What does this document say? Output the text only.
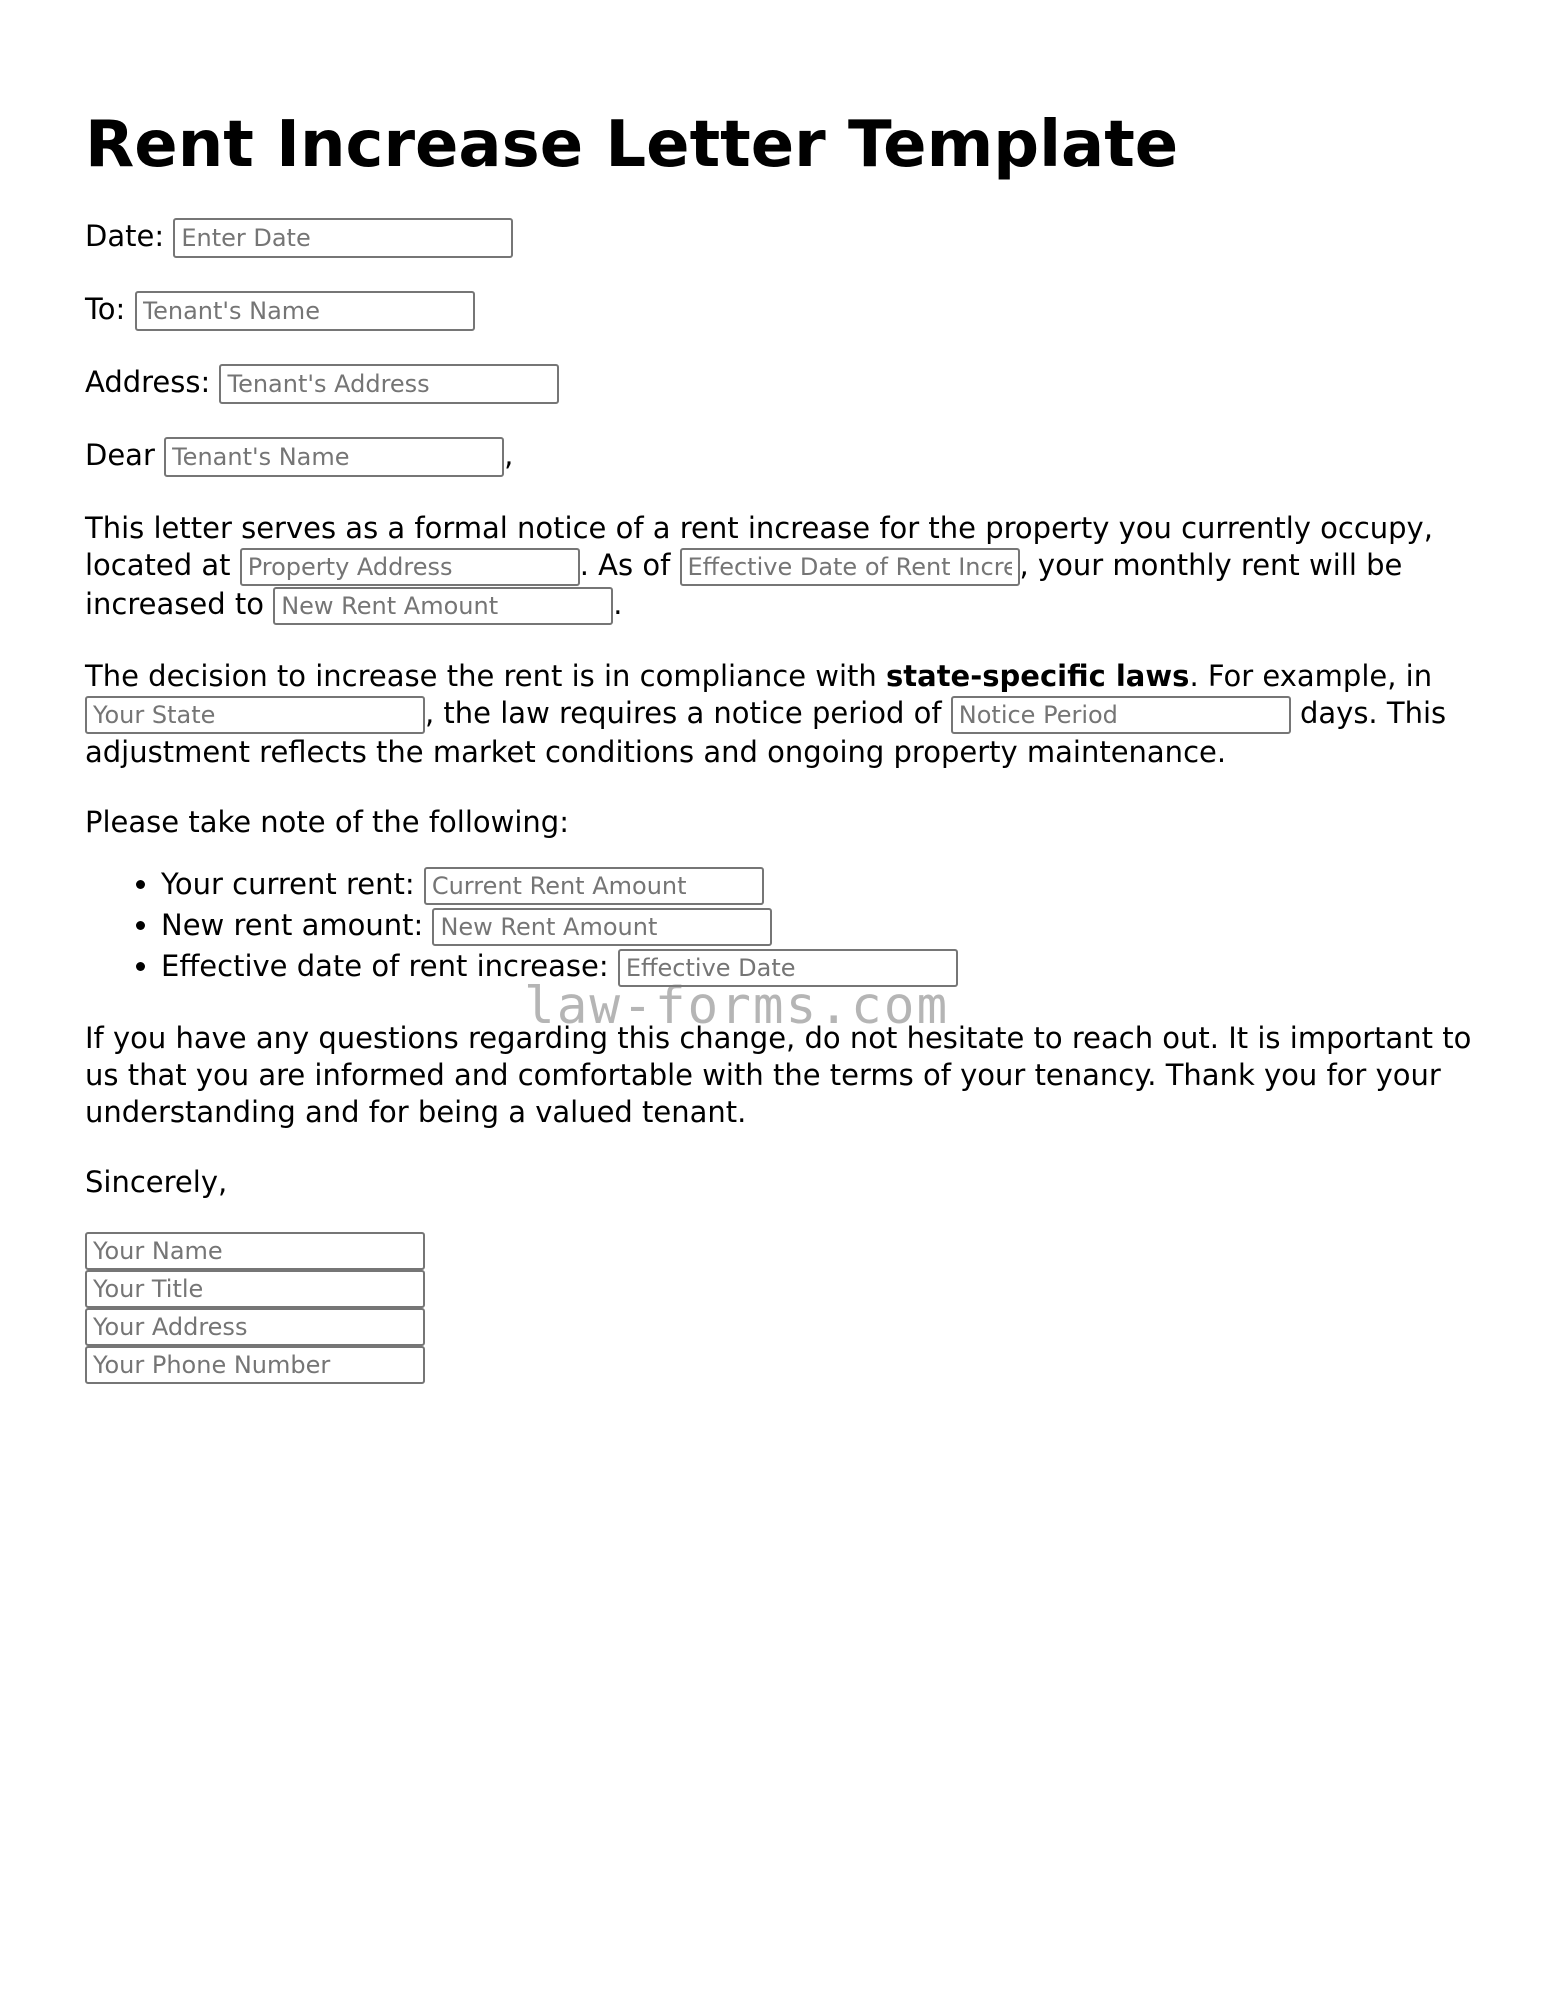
Rent Increase Letter Template

Date: Enter Date

To: Tenant's Name

Address: Tenant's Address

Dear Tenant's Name	,

This letter serves as a formal notice of a rent increase for the property you currently occupy, located at Property Address	. As of Effective Date of Rent Increase	, your monthly rent will be increased to New Rent Amount	.

The decision to increase the rent is in compliance with state-specific laws. For example, in Your State, the law requires a notice period of Notice Period	days. This adjustment reflects the market conditions and ongoing property maintenance.

Please take note of the following:

• Your current rent: Current Rent Amount
• New rent amount: New Rent Amount
• Effective date of rent increase: Effective Date

If you have any questions regarding this change, do not hesitate to reach out. It is important to us that you are informed and comfortable with the terms of your tenancy. Thank you for your understanding and for being a valued tenant.

Sincerely,

Your Name
Your Title
Your Address
Your Phone Number
law-forms.com
